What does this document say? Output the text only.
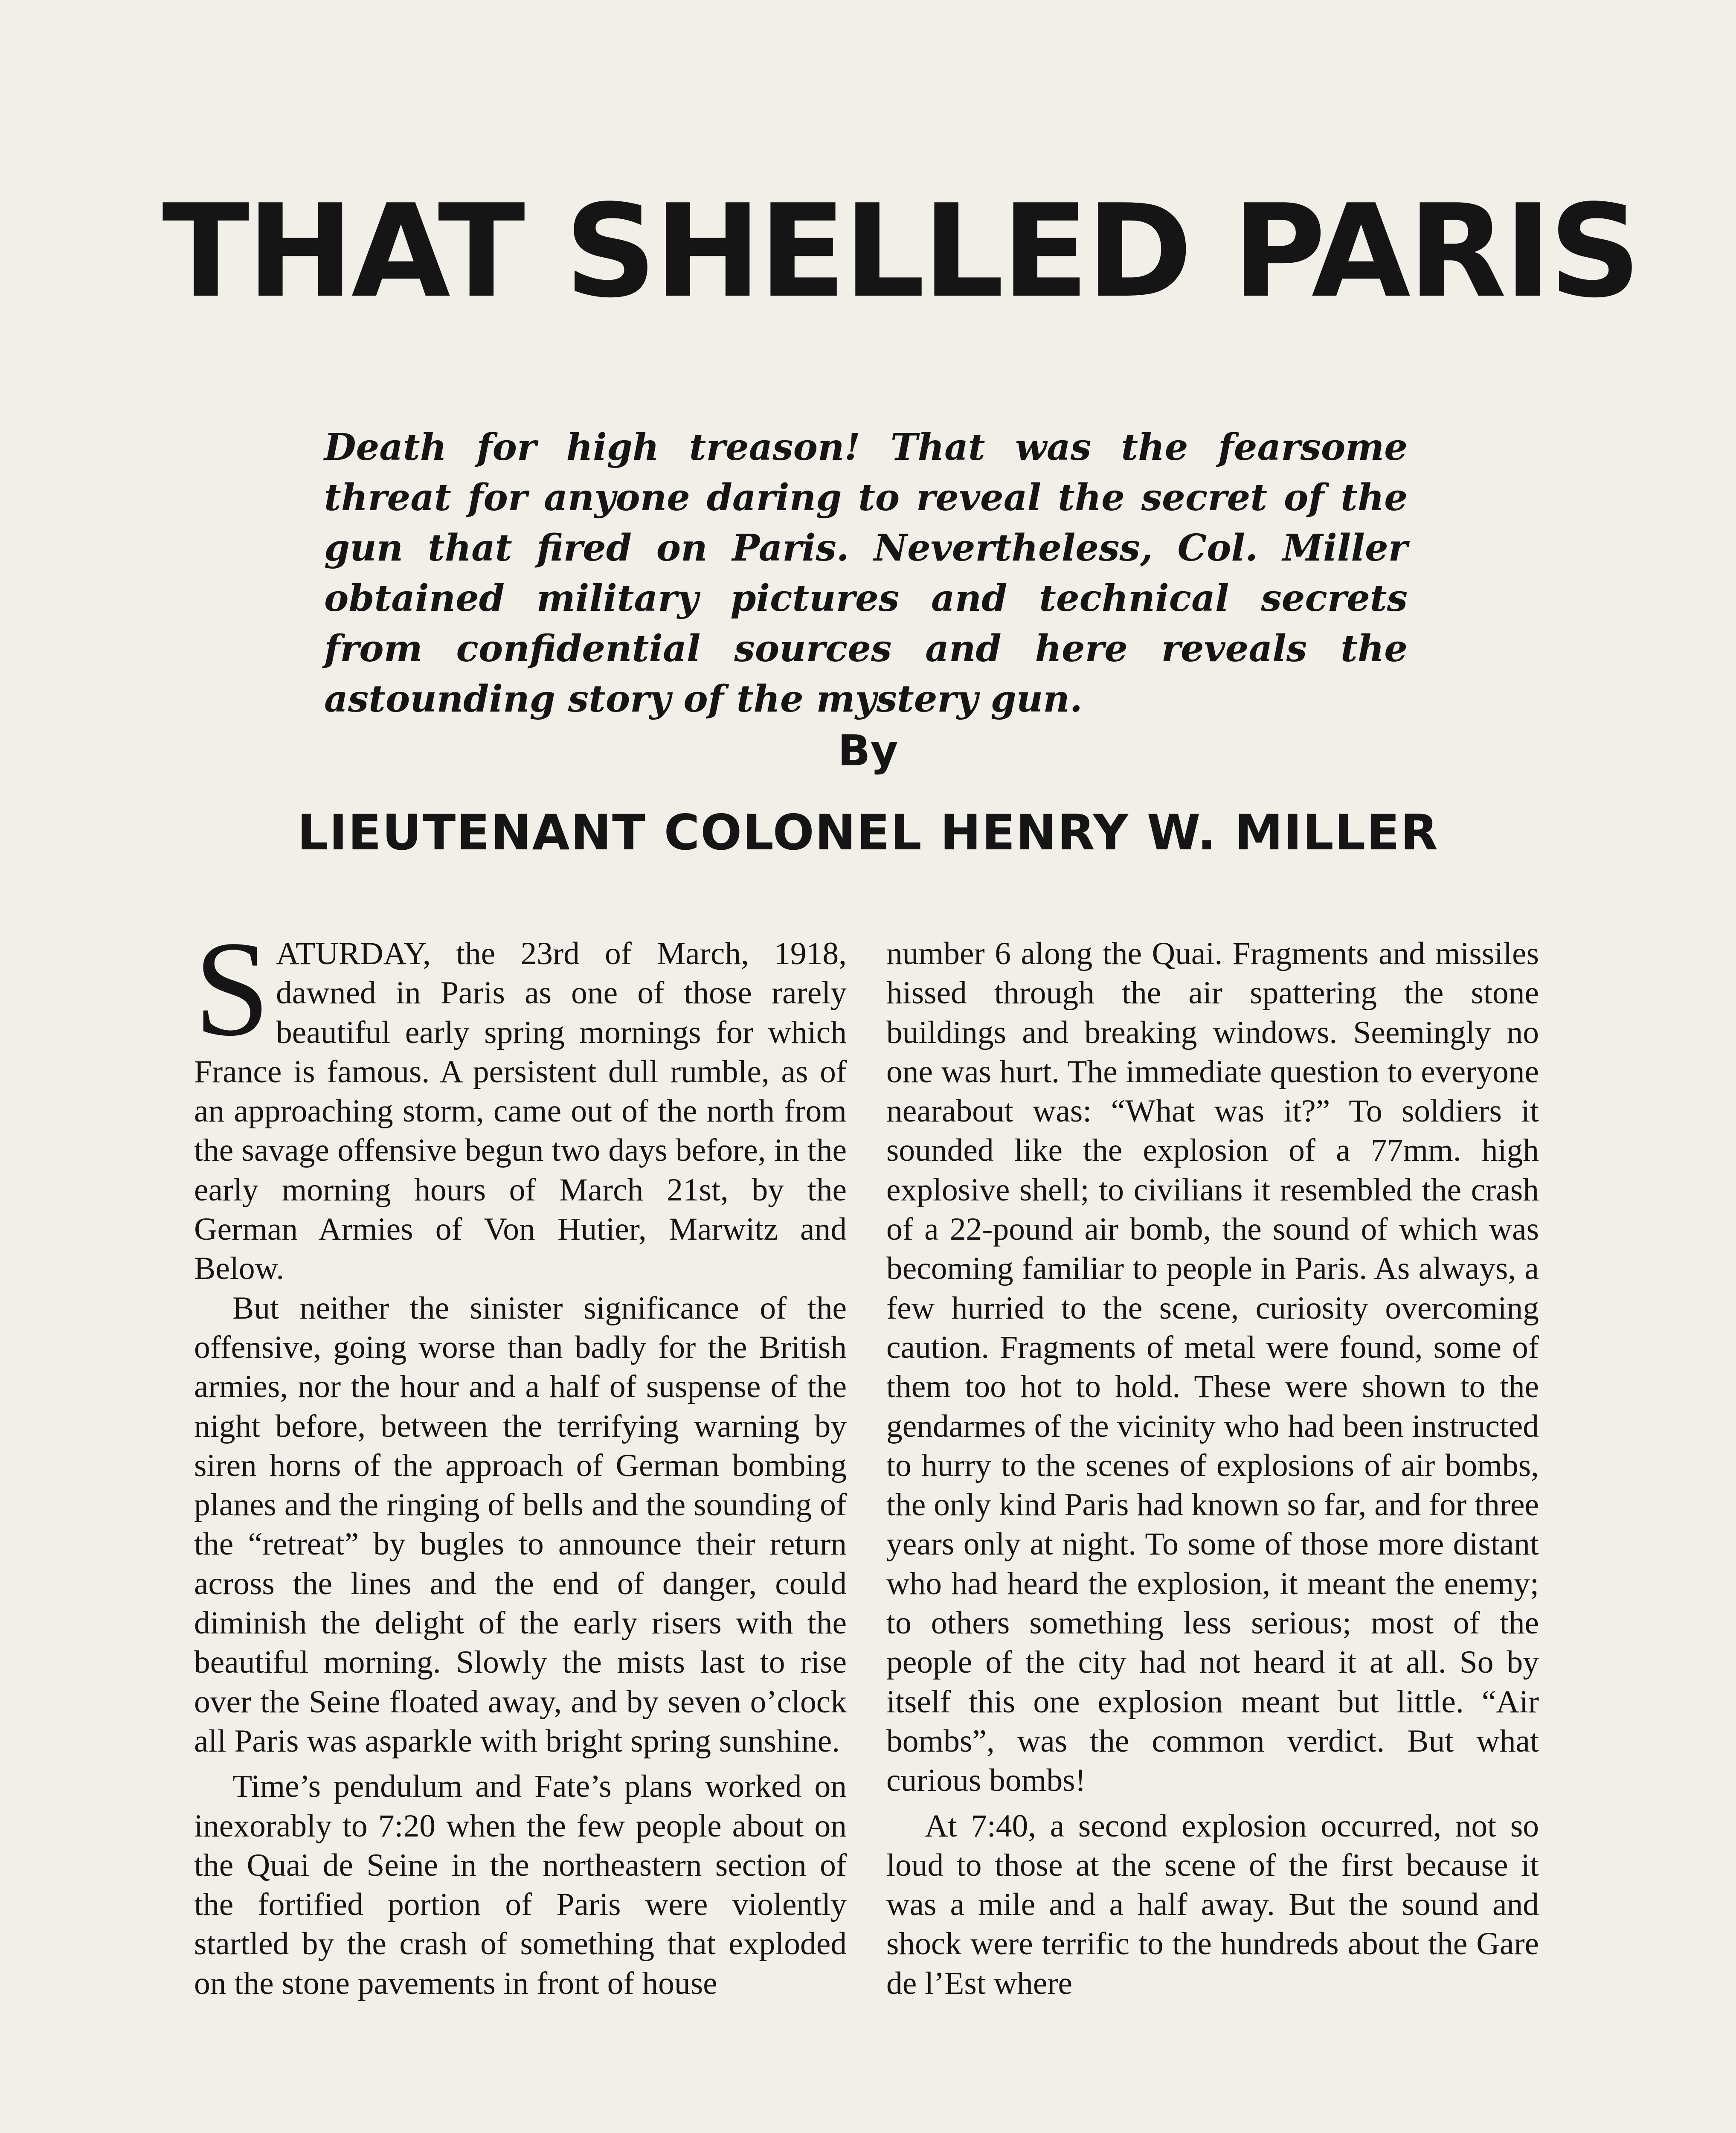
THAT SHELLED PARIS
Death for high treason! That was the fearsome threat for anyone daring to reveal the secret of the gun that fired on Paris. Nevertheless, Col. Miller obtained military pictures and technical secrets from confidential sources and here reveals the astounding story of the mystery gun.
By
LIEUTENANT COLONEL HENRY W. MILLER

SATURDAY, the 23rd of March, 1918, dawned in Paris as one of those rarely beautiful early spring mornings for which France is famous. A persistent dull rumble, as of an approaching storm, came out of the north from the savage offensive begun two days before, in the early morning hours of March 21st, by the German Armies of Von Hutier, Marwitz and Below.

But neither the sinister significance of the offensive, going worse than badly for the British armies, nor the hour and a half of suspense of the night before, between the terrifying warning by siren horns of the approach of German bombing planes and the ringing of bells and the sounding of the “retreat” by bugles to announce their return across the lines and the end of danger, could diminish the delight of the early risers with the beautiful morning. Slowly the mists last to rise over the Seine floated away, and by seven o’clock all Paris was asparkle with bright spring sunshine.

Time’s pendulum and Fate’s plans worked on inexorably to 7:20 when the few people about on the Quai de Seine in the northeastern section of the fortified portion of Paris were violently startled by the crash of something that exploded on the stone pavements in front of house

number 6 along the Quai. Fragments and missiles hissed through the air spattering the stone buildings and breaking windows. Seemingly no one was hurt. The immediate question to everyone nearabout was: “What was it?” To soldiers it sounded like the explosion of a 77mm. high explosive shell; to civilians it resembled the crash of a 22-pound air bomb, the sound of which was becoming familiar to people in Paris. As always, a few hurried to the scene, curiosity overcoming caution. Fragments of metal were found, some of them too hot to hold. These were shown to the gendarmes of the vicinity who had been instructed to hurry to the scenes of explosions of air bombs, the only kind Paris had known so far, and for three years only at night. To some of those more distant who had heard the explosion, it meant the enemy; to others something less serious; most of the people of the city had not heard it at all. So by itself this one explosion meant but little. “Air bombs”, was the common verdict. But what curious bombs!

At 7:40, a second explosion occurred, not so loud to those at the scene of the first because it was a mile and a half away. But the sound and shock were terrific to the hundreds about the Gare de l’Est where
